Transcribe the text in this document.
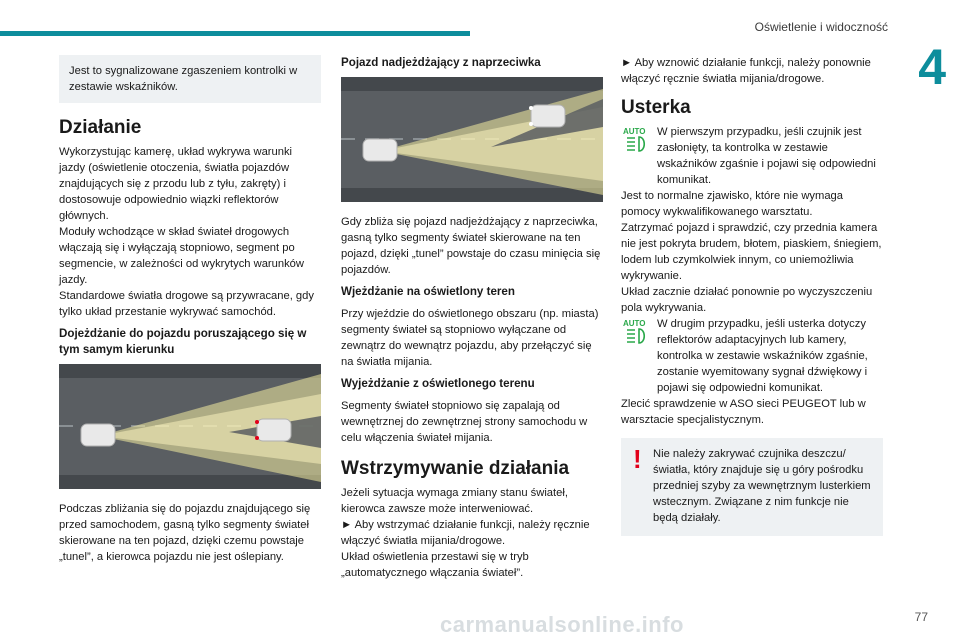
Oświetlenie i widoczność
4

Jest to sygnalizowane zgaszeniem kontrolki w zestawie wskaźników.

Działanie

Wykorzystując kamerę, układ wykrywa warunki jazdy (oświetlenie otoczenia, światła pojazdów znajdujących się z przodu lub z tyłu, zakręty) i dostosowuje odpowiednio wiązki reflektorów głównych.

Moduły wchodzące w skład świateł drogowych włączają się i wyłączają stopniowo, segment po segmencie, w zależności od wykrytych warunków jazdy.

Standardowe światła drogowe są przywracane, gdy tylko układ przestanie wykrywać samochód.

Dojeżdżanie do pojazdu poruszającego się w tym samym kierunku

Podczas zbliżania się do pojazdu znajdującego się przed samochodem, gasną tylko segmenty świateł skierowane na ten pojazd, dzięki czemu powstaje „tunel”, a kierowca pojazdu nie jest oślepiany.

Pojazd nadjeżdżający z naprzeciwka

Gdy zbliża się pojazd nadjeżdżający z naprzeciwka, gasną tylko segmenty świateł skierowane na ten pojazd, dzięki „tunel” powstaje do czasu minięcia się pojazdów.

Wjeżdżanie na oświetlony teren

Przy wjeździe do oświetlonego obszaru (np. miasta) segmenty świateł są stopniowo wyłączane od zewnątrz do wewnątrz pojazdu, aby przełączyć się na światła mijania.

Wyjeżdżanie z oświetlonego terenu

Segmenty świateł stopniowo się zapalają od wewnętrznej do zewnętrznej strony samochodu w celu włączenia świateł mijania.

Wstrzymywanie działania

Jeżeli sytuacja wymaga zmiany stanu świateł, kierowca zawsze może interweniować.

► Aby wstrzymać działanie funkcji, należy ręcznie włączyć światła mijania/drogowe.

Układ oświetlenia przestawi się w tryb „automatycznego włączania świateł”.

► Aby wznowić działanie funkcji, należy ponownie włączyć ręcznie światła mijania/drogowe.

Usterka
AUTO W pierwszym przypadku, jeśli czujnik jest zasłonięty, ta kontrolka w zestawie wskaźników zgaśnie i pojawi się odpowiedni komunikat.

Jest to normalne zjawisko, które nie wymaga pomocy wykwalifikowanego warsztatu.

Zatrzymać pojazd i sprawdzić, czy przednia kamera nie jest pokryta brudem, błotem, piaskiem, śniegiem, lodem lub czymkolwiek innym, co uniemożliwia wykrywanie.

Układ zacznie działać ponownie po wyczyszczeniu pola wykrywania.

AUTO W drugim przypadku, jeśli usterka dotyczy reflektorów adaptacyjnych lub kamery, kontrolka w zestawie wskaźników zgaśnie, zostanie wyemitowany sygnał dźwiękowy i pojawi się odpowiedni komunikat.

Zlecić sprawdzenie w ASO sieci PEUGEOT lub w warsztacie specjalistycznym.

!	Nie należy zakrywać czujnika deszczu/ światła, który znajduje się u góry pośrodku przedniej szyby za wewnętrznym lusterkiem wstecznym. Związane z nim funkcje nie będą działały.

carmanualsonline.info	77
